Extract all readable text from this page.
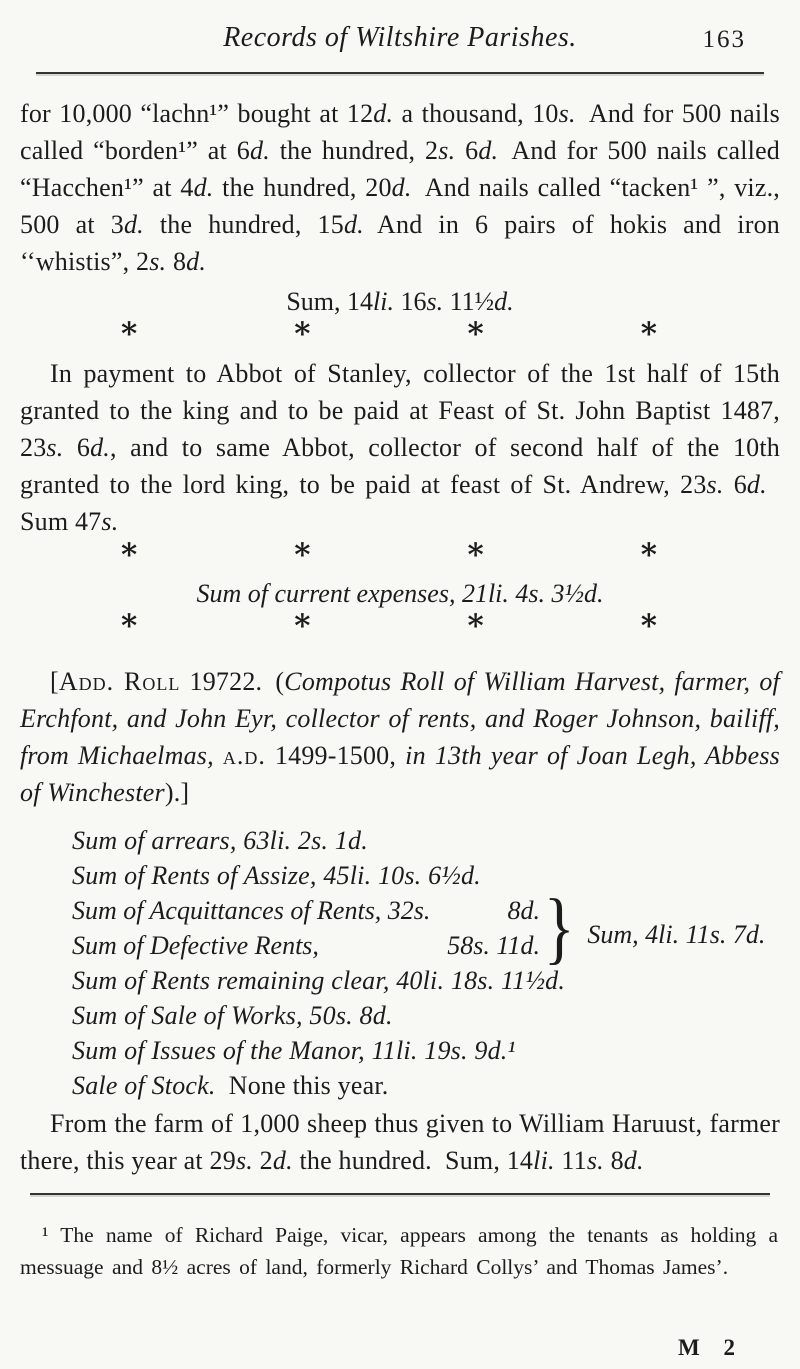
Records of Wiltshire Parishes.	163

for 10,000 “lachn¹” bought at 12d. a thousand, 10s. And for 500 nails called “borden¹” at 6d. the hundred, 2s. 6d. And for 500 nails called “Hacchen¹” at 4d. the hundred, 20d. And nails called “tacken¹ ”, viz., 500 at 3d. the hundred, 15d. And in 6 pairs of hokis and iron ‘‘whistis”, 2s. 8d.

Sum, 14li. 16s. 11½d.
*	*	*	*

In payment to Abbot of Stanley, collector of the 1st half of 15th granted to the king and to be paid at Feast of St. John Baptist 1487, 23s. 6d., and to same Abbot, collector of second half of the 10th granted to the lord king, to be paid at feast of St. Andrew, 23s. 6d. Sum 47s.

*	*	*	*
Sum of current expenses, 21li. 4s. 3½d.
*	*	*	*

[Add. Roll 19722. (Compotus Roll of William Harvest, farmer, of Erchfont, and John Eyr, collector of rents, and Roger Johnson, bailiff, from Michaelmas, a.d. 1499-1500, in 13th year of Joan Legh, Abbess of Winchester).]

Sum of arrears, 63li. 2s. 1d.
Sum of Rents of Assize, 45li. 10s. 6½d.
Sum of Acquittances of Rents, 32s.	8d.
Sum of Defective Rents,	58s. 11d. } Sum, 4li. 11s. 7d.
Sum of Rents remaining clear, 40li. 18s. 11½d.
Sum of Sale of Works, 50s. 8d.
Sum of Issues of the Manor, 11li. 19s. 9d.¹
Sale of Stock. None this year.

From the farm of 1,000 sheep thus given to William Haruust, farmer there, this year at 29s. 2d. the hundred. Sum, 14li. 11s. 8d.

¹ The name of Richard Paige, vicar, appears among the tenants as holding a messuage and 8½ acres of land, formerly Richard Collys’ and Thomas James’.
M 2
